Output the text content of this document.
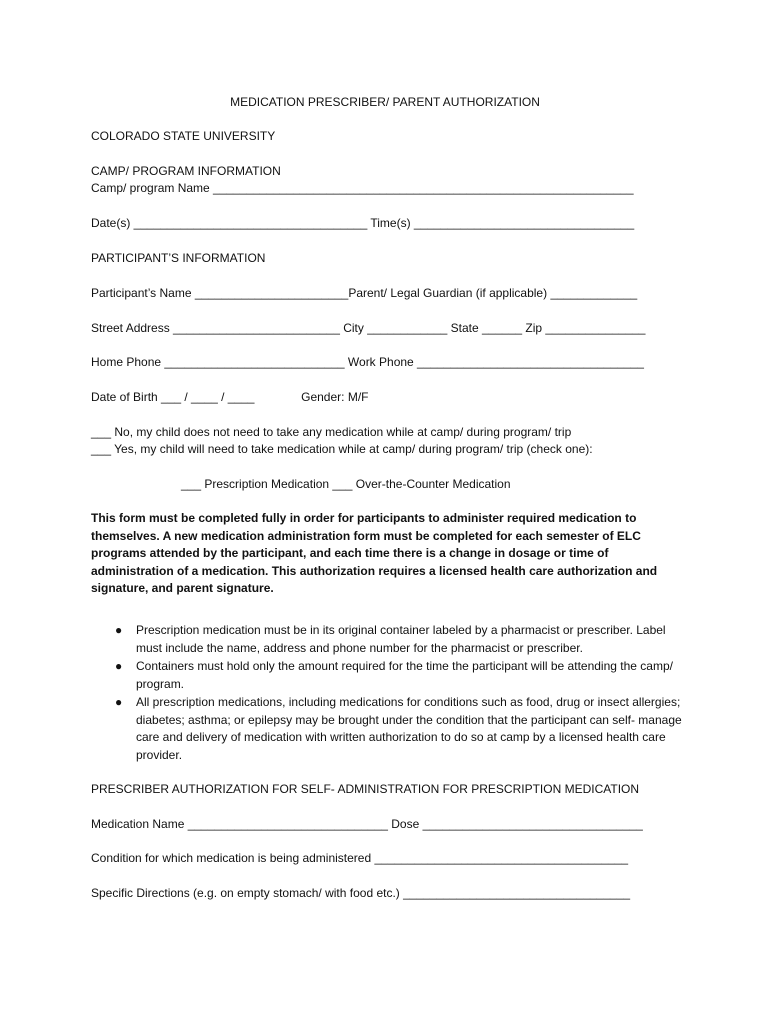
MEDICATION PRESCRIBER/ PARENT AUTHORIZATION
COLORADO STATE UNIVERSITY
CAMP/ PROGRAM INFORMATION
Camp/ program Name _______________________________________________________________
Date(s) ___________________________________ Time(s) _________________________________
PARTICIPANT’S INFORMATION
Participant’s Name _______________________Parent/ Legal Guardian (if applicable) _____________
Street Address _________________________ City ____________ State ______ Zip _______________
Home Phone ___________________________ Work Phone __________________________________
Date of Birth ___ / ____ / ____              Gender: M/F
___ No, my child does not need to take any medication while at camp/ during program/ trip
___ Yes, my child will need to take medication while at camp/ during program/ trip (check one):
___ Prescription Medication ___ Over-the-Counter Medication
This form must be completed fully in order for participants to administer required medication to themselves. A new medication administration form must be completed for each semester of ELC programs attended by the participant, and each time there is a change in dosage or time of administration of a medication. This authorization requires a licensed health care authorization and signature, and parent signature.
● Prescription medication must be in its original container labeled by a pharmacist or prescriber. Label must include the name, address and phone number for the pharmacist or prescriber.
● Containers must hold only the amount required for the time the participant will be attending the camp/ program.
● All prescription medications, including medications for conditions such as food, drug or insect allergies; diabetes; asthma; or epilepsy may be brought under the condition that the participant can self- manage care and delivery of medication with written authorization to do so at camp by a licensed health care provider.
PRESCRIBER AUTHORIZATION FOR SELF- ADMINISTRATION FOR PRESCRIPTION MEDICATION
Medication Name ______________________________ Dose _________________________________
Condition for which medication is being administered ______________________________________
Specific Directions (e.g. on empty stomach/ with food etc.) __________________________________
